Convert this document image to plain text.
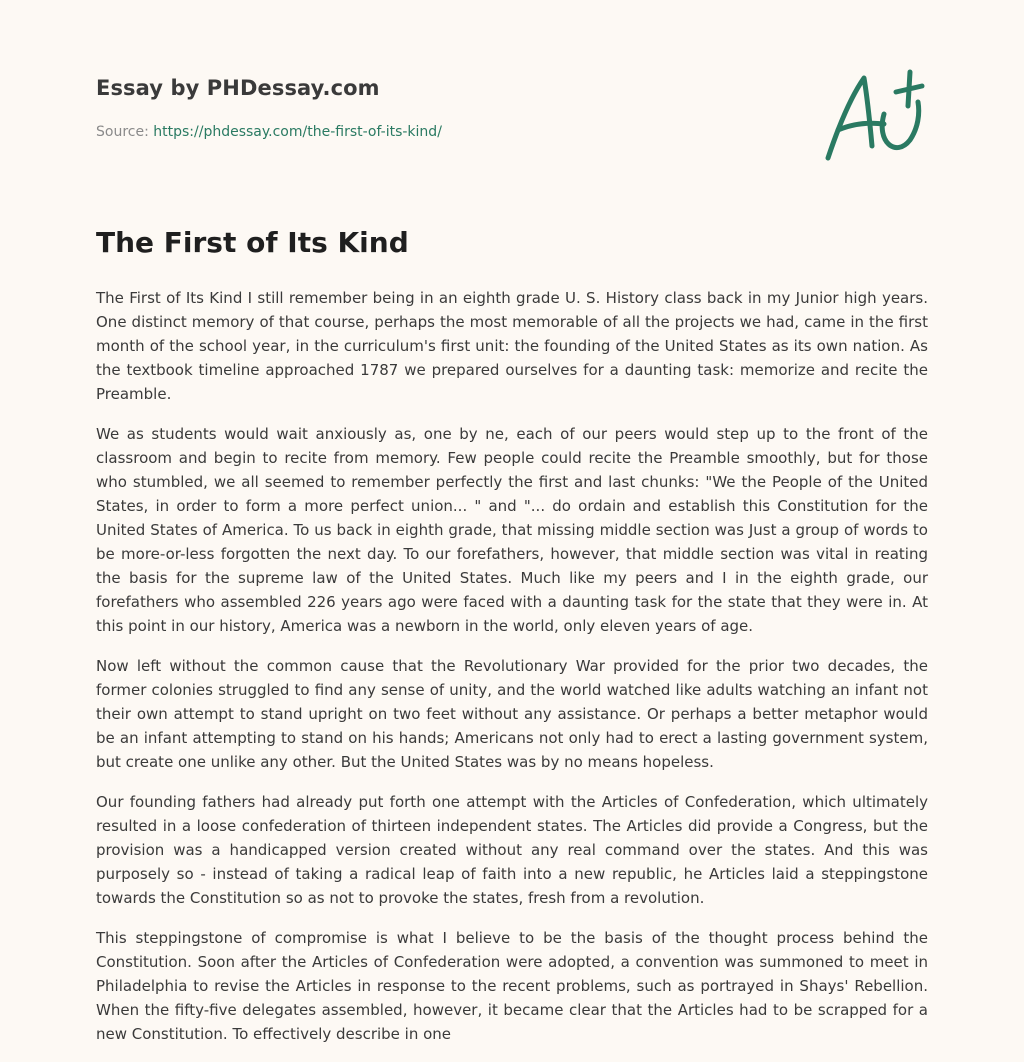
Essay by PHDessay.com
Source: https://phdessay.com/the-first-of-its-kind/
The First of Its Kind

The First of Its Kind I still remember being in an eighth grade U. S. History class back in my Junior high years. One distinct memory of that course, perhaps the most memorable of all the projects we had, came in the first month of the school year, in the curriculum's first unit: the founding of the United States as its own nation. As the textbook timeline approached 1787 we prepared ourselves for a daunting task: memorize and recite the Preamble.

We as students would wait anxiously as, one by ne, each of our peers would step up to the front of the classroom and begin to recite from memory. Few people could recite the Preamble smoothly, but for those who stumbled, we all seemed to remember perfectly the first and last chunks: "We the People of the United States, in order to form a more perfect union... " and "... do ordain and establish this Constitution for the United States of America. To us back in eighth grade, that missing middle section was Just a group of words to be more-or-less forgotten the next day. To our forefathers, however, that middle section was vital in reating the basis for the supreme law of the United States. Much like my peers and I in the eighth grade, our forefathers who assembled 226 years ago were faced with a daunting task for the state that they were in. At this point in our history, America was a newborn in the world, only eleven years of age.

Now left without the common cause that the Revolutionary War provided for the prior two decades, the former colonies struggled to find any sense of unity, and the world watched like adults watching an infant not their own attempt to stand upright on two feet without any assistance. Or perhaps a better metaphor would be an infant attempting to stand on his hands; Americans not only had to erect a lasting government system, but create one unlike any other. But the United States was by no means hopeless.

Our founding fathers had already put forth one attempt with the Articles of Confederation, which ultimately resulted in a loose confederation of thirteen independent states. The Articles did provide a Congress, but the provision was a handicapped version created without any real command over the states. And this was purposely so - instead of taking a radical leap of faith into a new republic, he Articles laid a steppingstone towards the Constitution so as not to provoke the states, fresh from a revolution.

This steppingstone of compromise is what I believe to be the basis of the thought process behind the Constitution. Soon after the Articles of Confederation were adopted, a convention was summoned to meet in Philadelphia to revise the Articles in response to the recent problems, such as portrayed in Shays' Rebellion. When the fifty-five delegates assembled, however, it became clear that the Articles had to be scrapped for a new Constitution. To effectively describe in one
